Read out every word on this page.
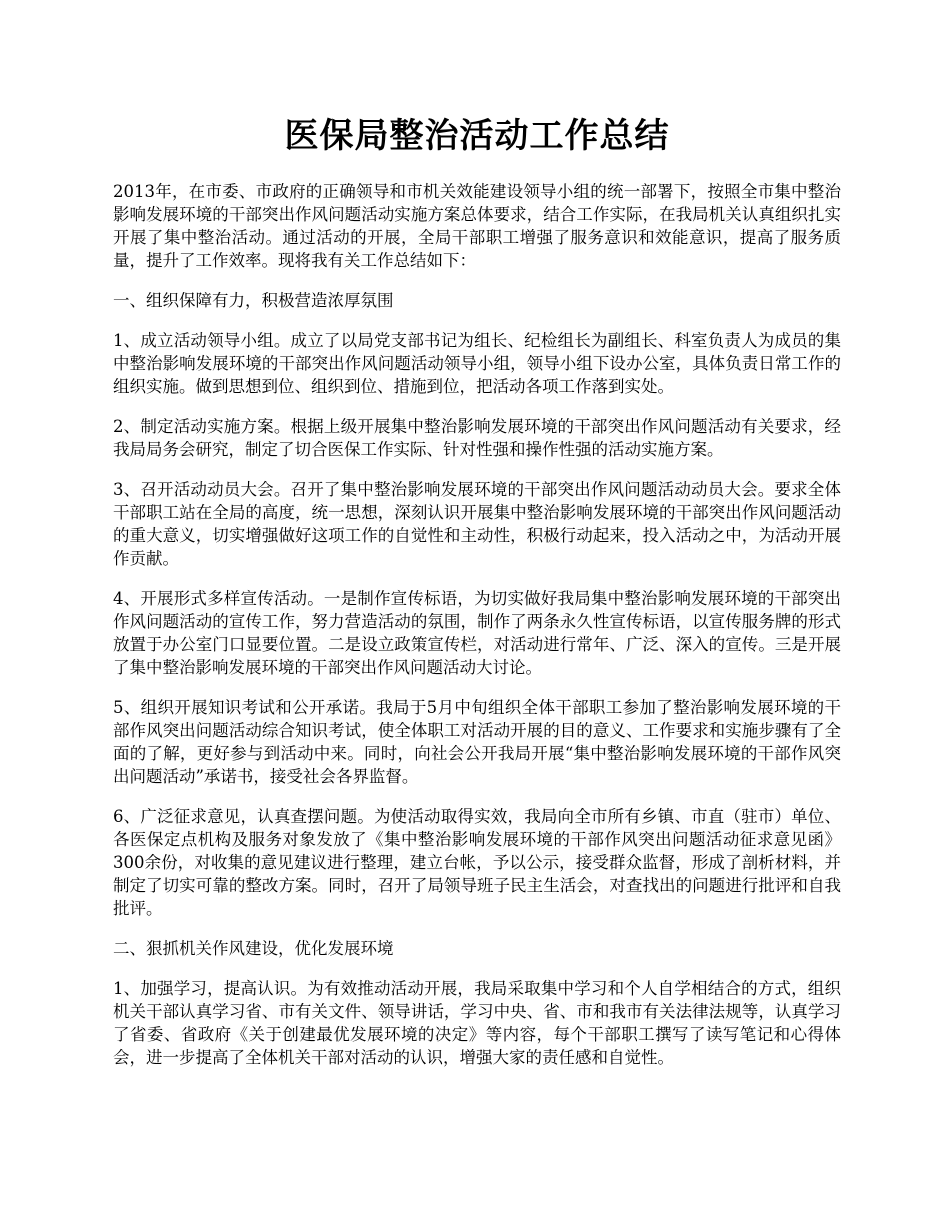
医保局整治活动工作总结

2013年，在市委、市政府的正确领导和市机关效能建设领导小组的统一部署下，按照全市集中整治影响发展环境的干部突出作风问题活动实施方案总体要求，结合工作实际，在我局机关认真组织扎实开展了集中整治活动。通过活动的开展，全局干部职工增强了服务意识和效能意识，提高了服务质量，提升了工作效率。现将我有关工作总结如下：

一、组织保障有力，积极营造浓厚氛围

1、成立活动领导小组。成立了以局党支部书记为组长、纪检组长为副组长、科室负责人为成员的集中整治影响发展环境的干部突出作风问题活动领导小组，领导小组下设办公室，具体负责日常工作的组织实施。做到思想到位、组织到位、措施到位，把活动各项工作落到实处。

2、制定活动实施方案。根据上级开展集中整治影响发展环境的干部突出作风问题活动有关要求，经我局局务会研究，制定了切合医保工作实际、针对性强和操作性强的活动实施方案。

3、召开活动动员大会。召开了集中整治影响发展环境的干部突出作风问题活动动员大会。要求全体干部职工站在全局的高度，统一思想，深刻认识开展集中整治影响发展环境的干部突出作风问题活动的重大意义，切实增强做好这项工作的自觉性和主动性，积极行动起来，投入活动之中，为活动开展作贡献。

4、开展形式多样宣传活动。一是制作宣传标语，为切实做好我局集中整治影响发展环境的干部突出作风问题活动的宣传工作，努力营造活动的氛围，制作了两条永久性宣传标语，以宣传服务牌的形式放置于办公室门口显要位置。二是设立政策宣传栏，对活动进行常年、广泛、深入的宣传。三是开展了集中整治影响发展环境的干部突出作风问题活动大讨论。

5、组织开展知识考试和公开承诺。我局于5月中旬组织全体干部职工参加了整治影响发展环境的干部作风突出问题活动综合知识考试，使全体职工对活动开展的目的意义、工作要求和实施步骤有了全面的了解，更好参与到活动中来。同时，向社会公开我局开展“集中整治影响发展环境的干部作风突出问题活动”承诺书，接受社会各界监督。

6、广泛征求意见，认真查摆问题。为使活动取得实效，我局向全市所有乡镇、市直（驻市）单位、各医保定点机构及服务对象发放了《集中整治影响发展环境的干部作风突出问题活动征求意见函》300余份，对收集的意见建议进行整理，建立台帐，予以公示，接受群众监督，形成了剖析材料，并制定了切实可靠的整改方案。同时，召开了局领导班子民主生活会，对查找出的问题进行批评和自我批评。

二、狠抓机关作风建设，优化发展环境

1、加强学习，提高认识。为有效推动活动开展，我局采取集中学习和个人自学相结合的方式，组织机关干部认真学习省、市有关文件、领导讲话，学习中央、省、市和我市有关法律法规等，认真学习了省委、省政府《关于创建最优发展环境的决定》等内容，每个干部职工撰写了读写笔记和心得体会，进一步提高了全体机关干部对活动的认识，增强大家的责任感和自觉性。
